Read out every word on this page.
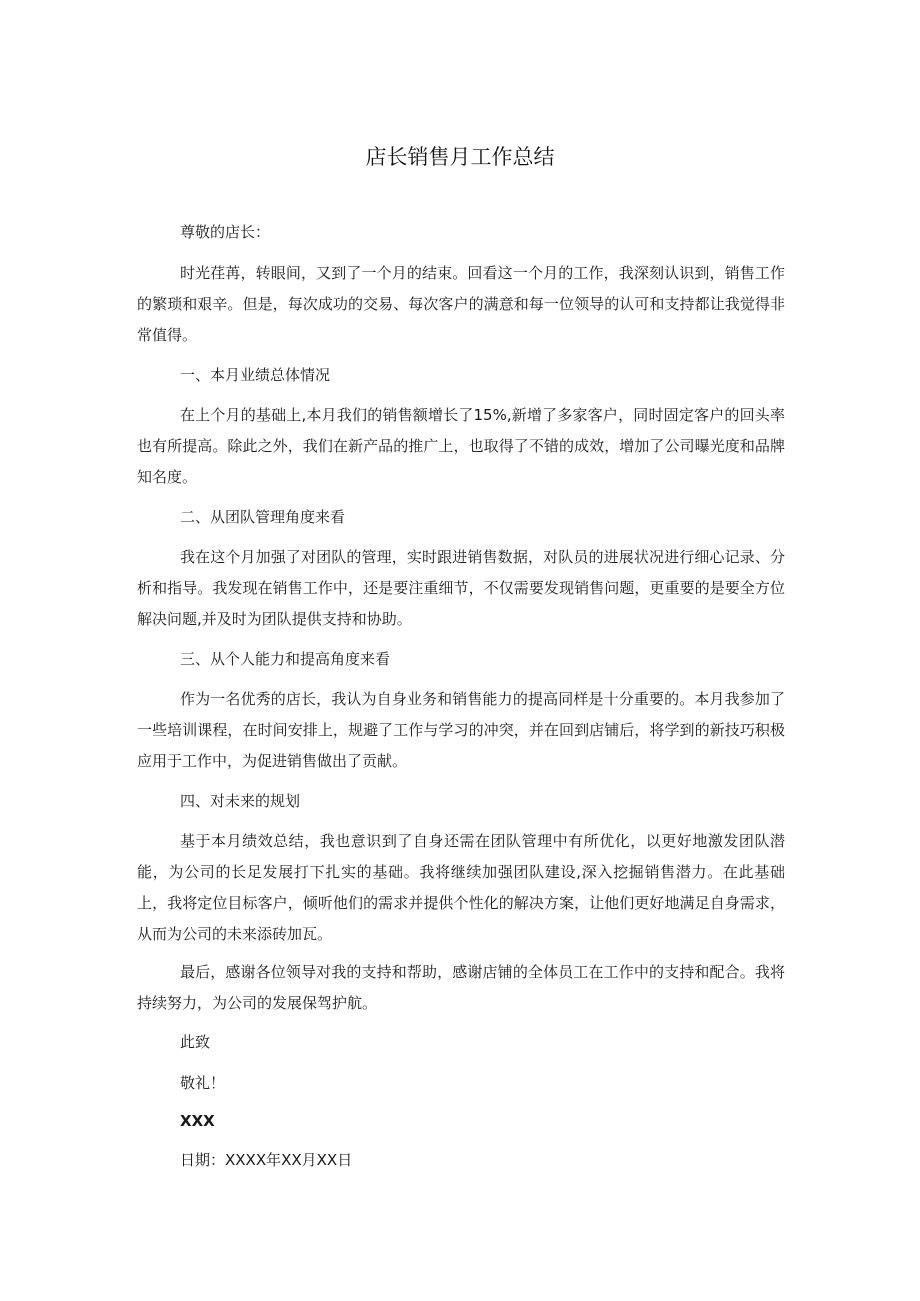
店长销售月工作总结
尊敬的店长：
时光荏苒，转眼间，又到了一个月的结束。回看这一个月的工作，我深刻认识到，销售工作的繁琐和艰辛。但是，每次成功的交易、每次客户的满意和每一位领导的认可和支持都让我觉得非常值得。
一、本月业绩总体情况
在上个月的基础上,本月我们的销售额增长了15%,新增了多家客户，同时固定客户的回头率也有所提高。除此之外，我们在新产品的推广上，也取得了不错的成效，增加了公司曝光度和品牌知名度。
二、从团队管理角度来看
我在这个月加强了对团队的管理，实时跟进销售数据，对队员的进展状况进行细心记录、分析和指导。我发现在销售工作中，还是要注重细节，不仅需要发现销售问题，更重要的是要全方位解决问题,并及时为团队提供支持和协助。
三、从个人能力和提高角度来看
作为一名优秀的店长，我认为自身业务和销售能力的提高同样是十分重要的。本月我参加了一些培训课程，在时间安排上，规避了工作与学习的冲突，并在回到店铺后，将学到的新技巧积极应用于工作中，为促进销售做出了贡献。
四、对未来的规划
基于本月绩效总结，我也意识到了自身还需在团队管理中有所优化，以更好地激发团队潜能，为公司的长足发展打下扎实的基础。我将继续加强团队建设,深入挖掘销售潜力。在此基础上，我将定位目标客户，倾听他们的需求并提供个性化的解决方案，让他们更好地满足自身需求，从而为公司的未来添砖加瓦。
最后，感谢各位领导对我的支持和帮助，感谢店铺的全体员工在工作中的支持和配合。我将持续努力，为公司的发展保驾护航。
此致
敬礼！
XXX
日期：XXXX年XX月XX日
